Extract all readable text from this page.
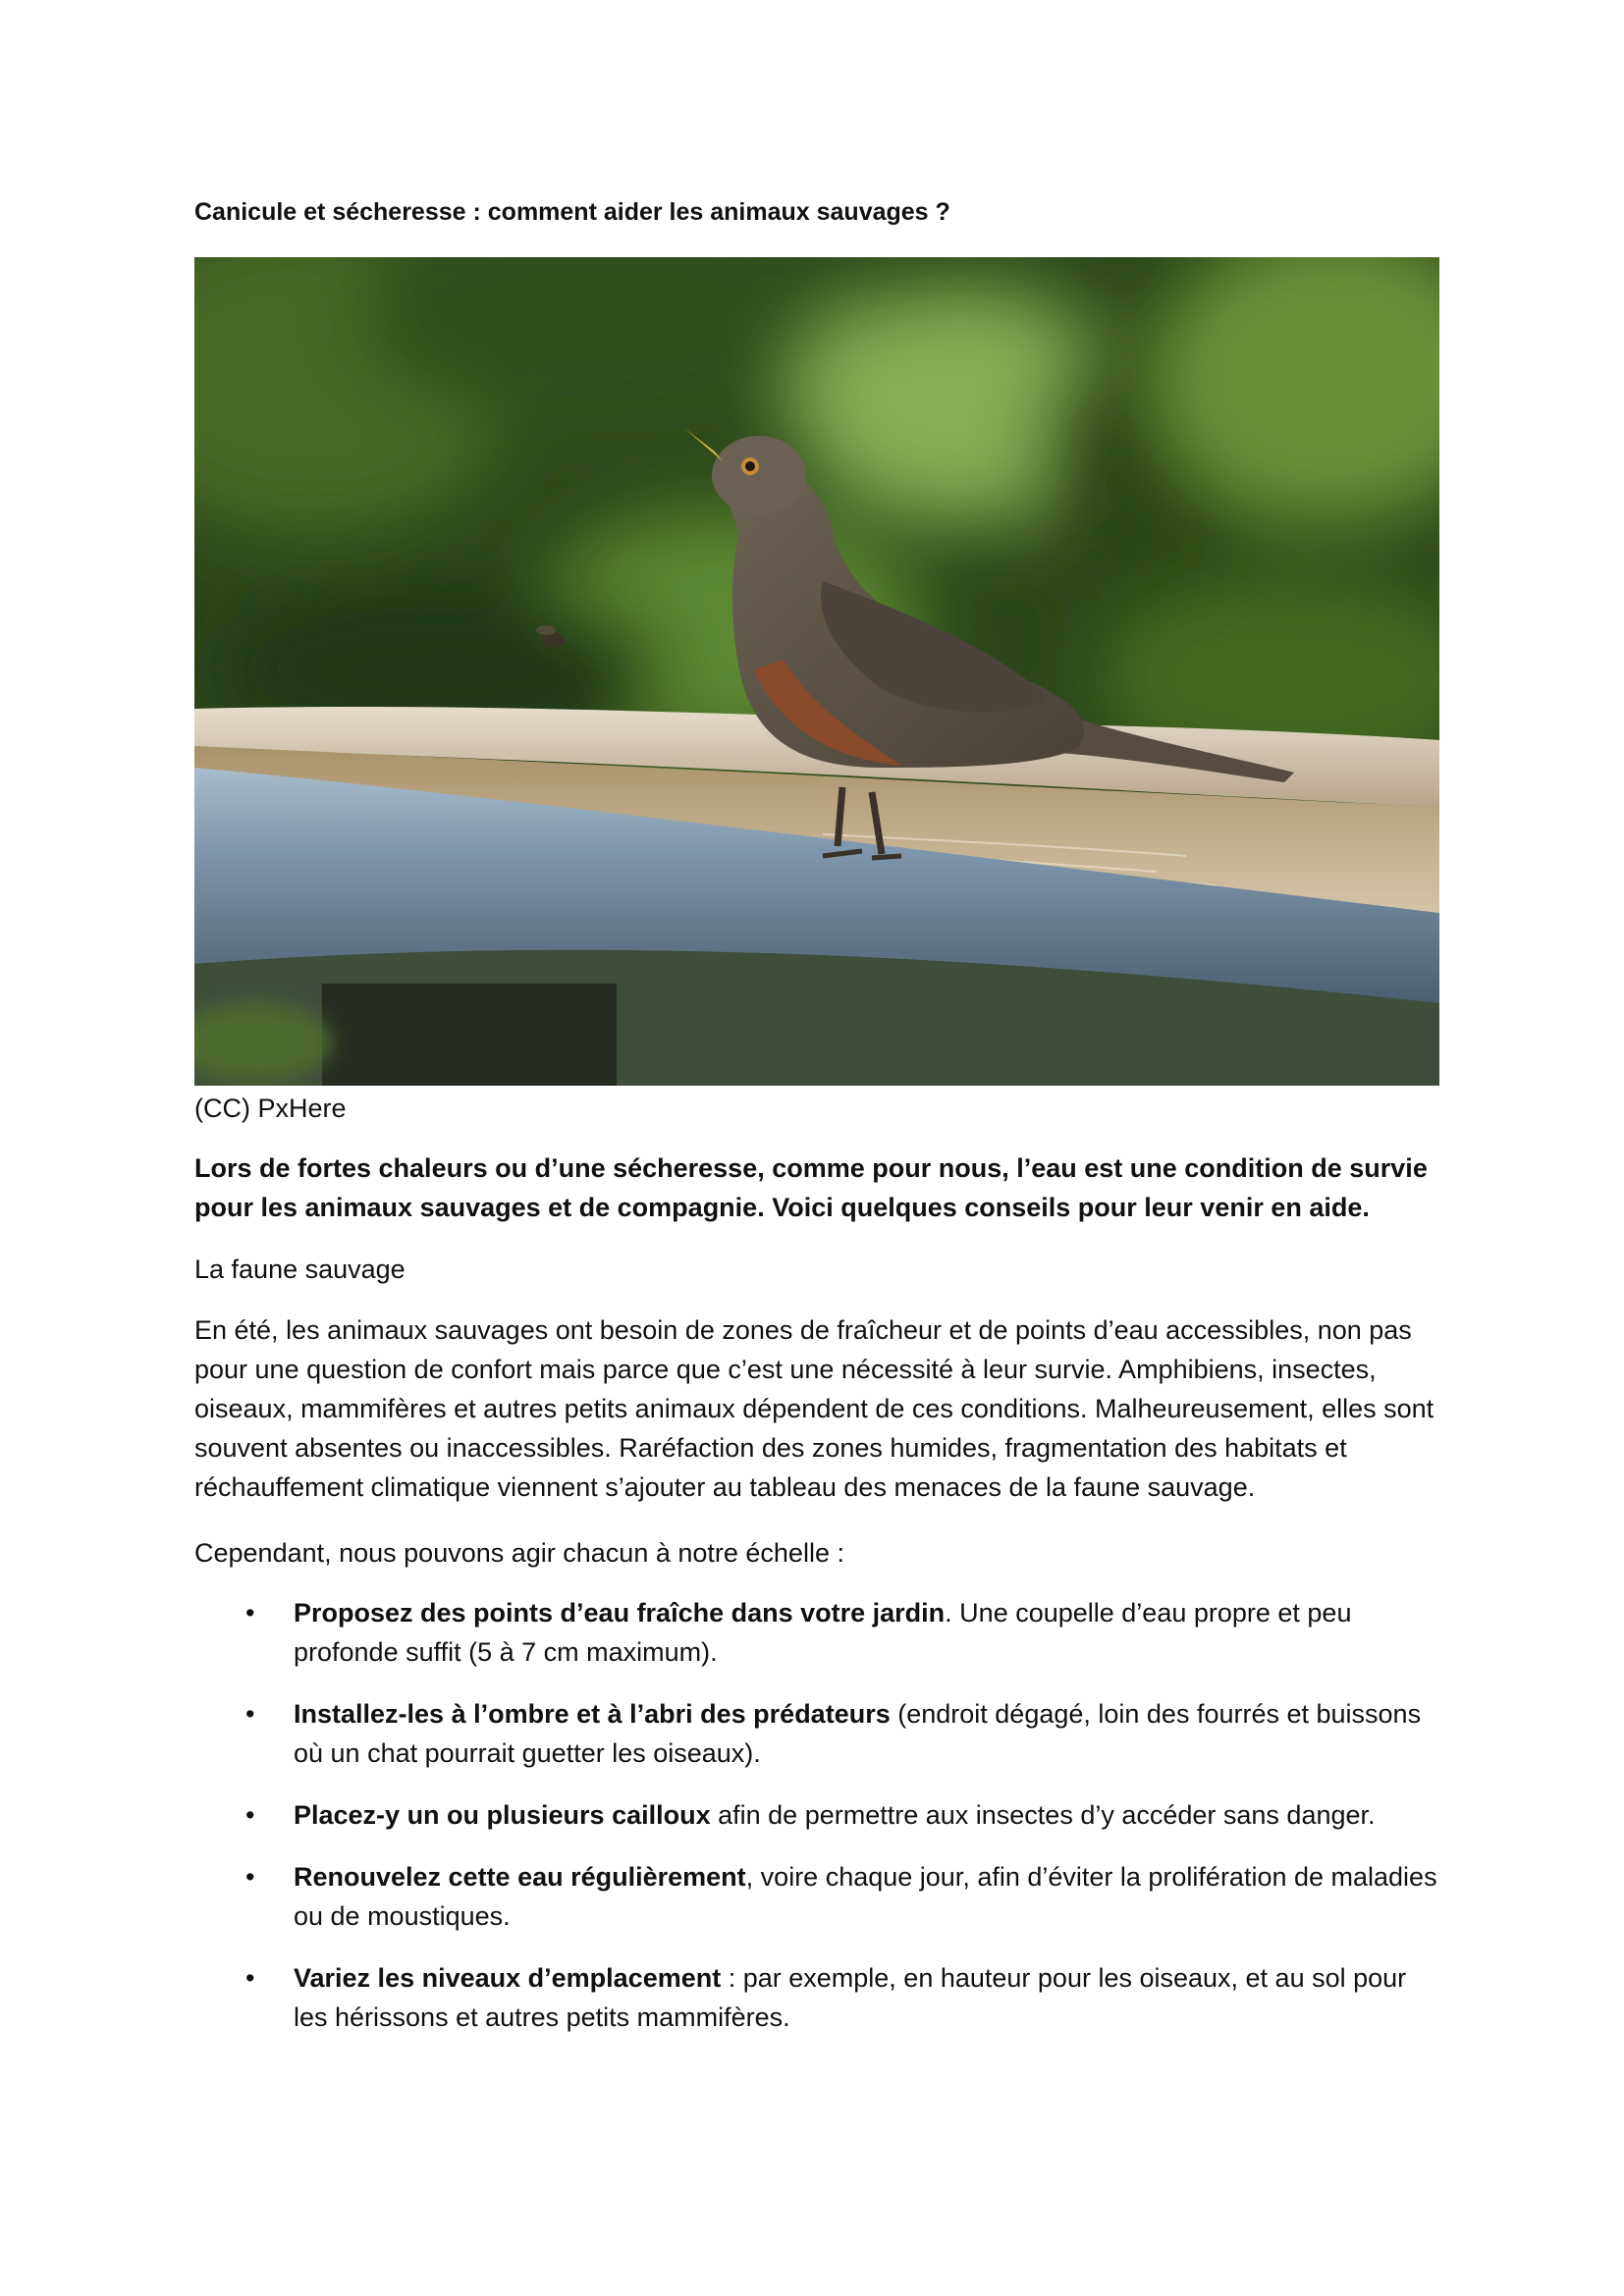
Canicule et sécheresse : comment aider les animaux sauvages ?
(CC) PxHere
Lors de fortes chaleurs ou d’une sécheresse, comme pour nous, l’eau est une condition de survie pour les animaux sauvages et de compagnie. Voici quelques conseils pour leur venir en aide.
La faune sauvage
En été, les animaux sauvages ont besoin de zones de fraîcheur et de points d’eau accessibles, non pas pour une question de confort mais parce que c’est une nécessité à leur survie. Amphibiens, insectes, oiseaux, mammifères et autres petits animaux dépendent de ces conditions. Malheureusement, elles sont souvent absentes ou inaccessibles. Raréfaction des zones humides, fragmentation des habitats et réchauffement climatique viennent s’ajouter au tableau des menaces de la faune sauvage.
Cependant, nous pouvons agir chacun à notre échelle :
• Proposez des points d’eau fraîche dans votre jardin. Une coupelle d’eau propre et peu profonde suffit (5 à 7 cm maximum).
• Installez-les à l’ombre et à l’abri des prédateurs (endroit dégagé, loin des fourrés et buissons où un chat pourrait guetter les oiseaux).
• Placez-y un ou plusieurs cailloux afin de permettre aux insectes d’y accéder sans danger.
• Renouvelez cette eau régulièrement, voire chaque jour, afin d’éviter la prolifération de maladies ou de moustiques.
• Variez les niveaux d’emplacement : par exemple, en hauteur pour les oiseaux, et au sol pour les hérissons et autres petits mammifères.
